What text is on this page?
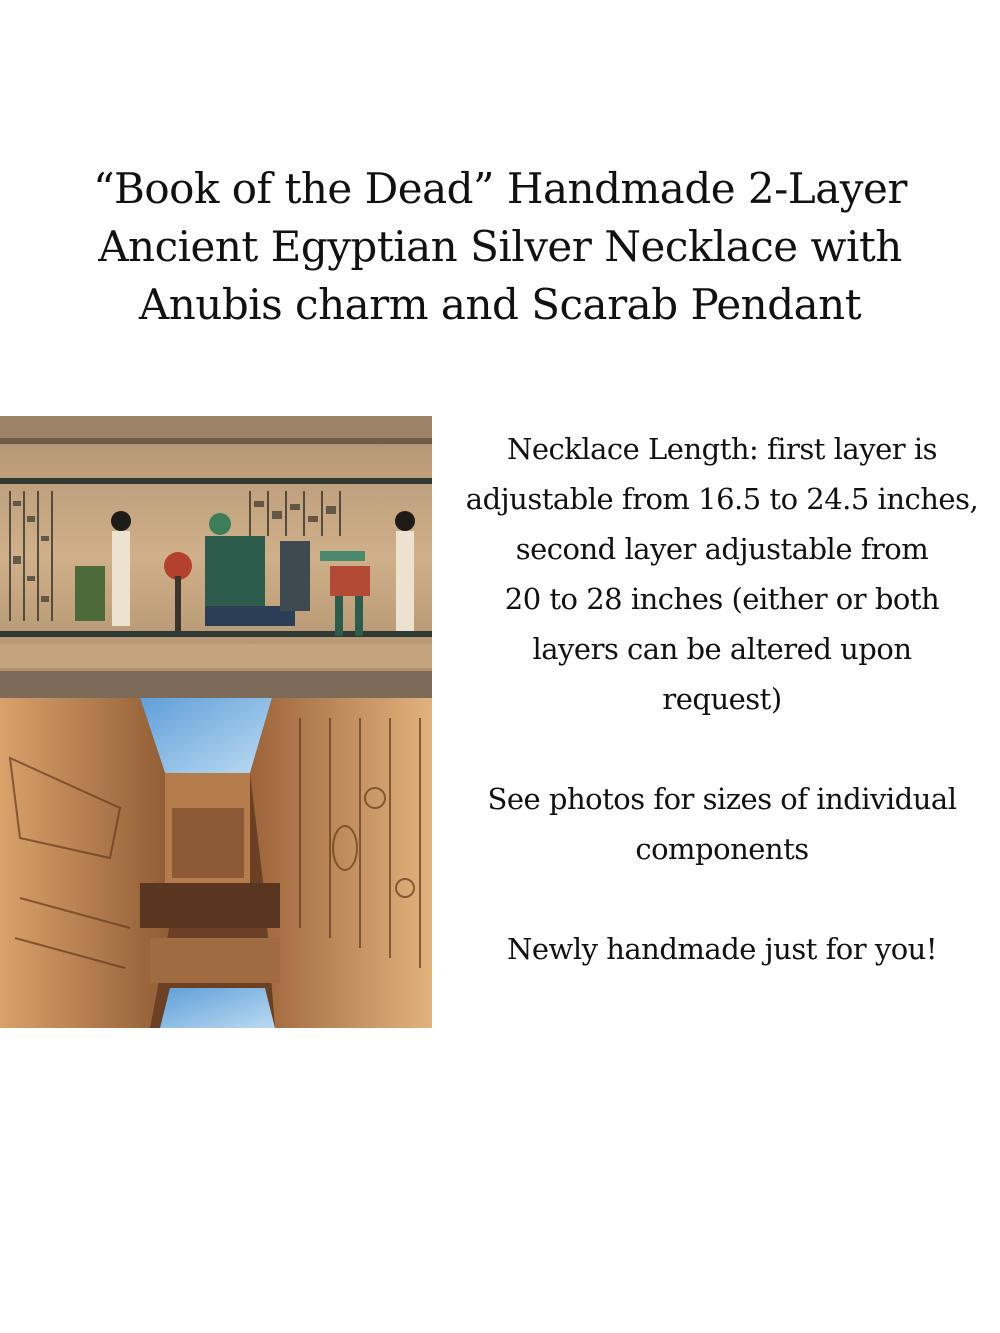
“Book of the Dead” Handmade 2-Layer
Ancient Egyptian Silver Necklace with
Anubis charm and Scarab Pendant

Necklace Length: first layer is

adjustable from 16.5 to 24.5 inches,

second layer adjustable from

20 to 28 inches (either or both

layers can be altered upon

request)

See photos for sizes of individual

components

Newly handmade just for you!
